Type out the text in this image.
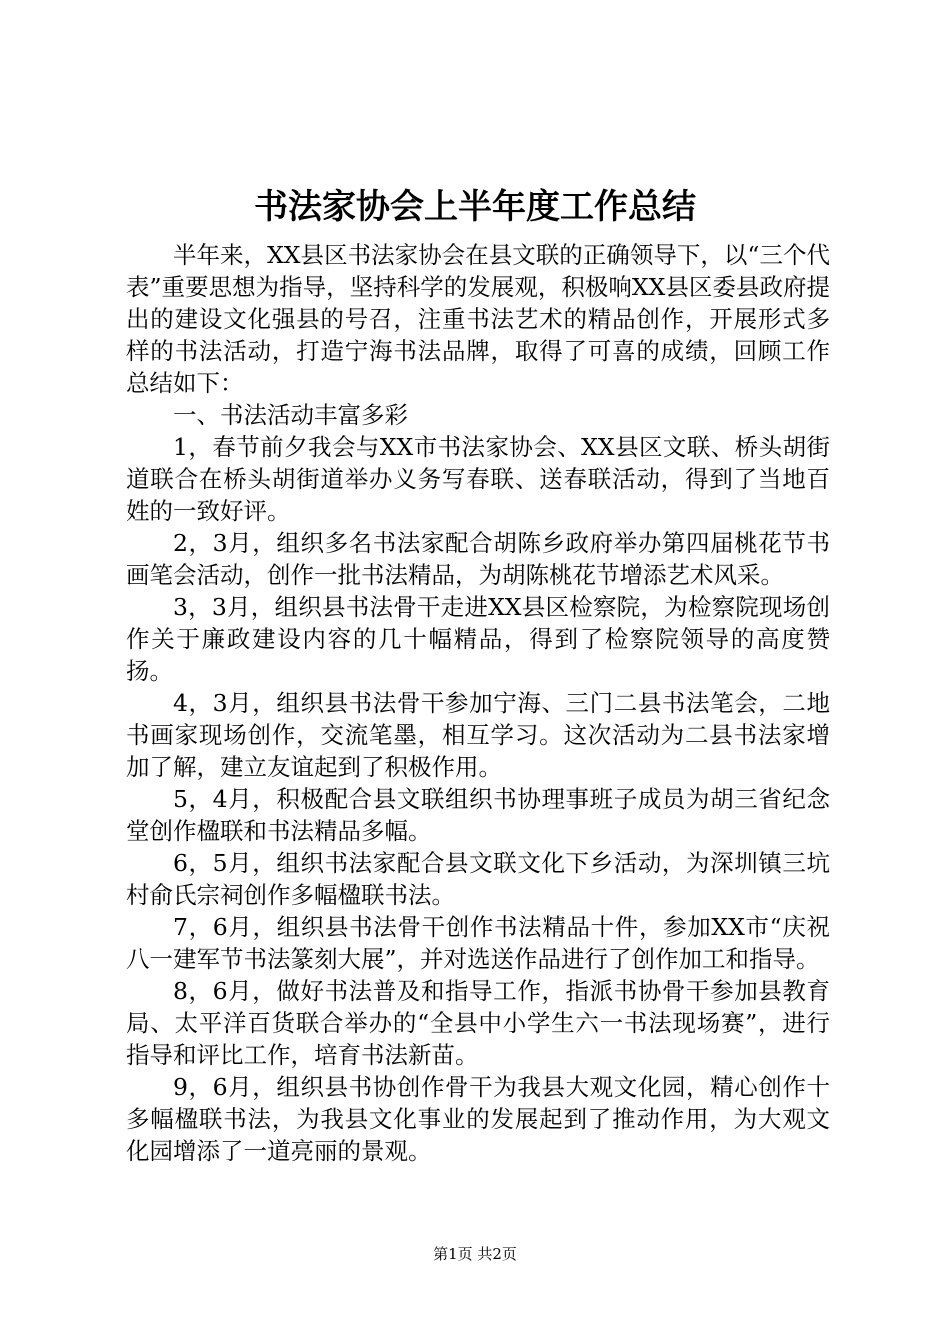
书法家协会上半年度工作总结

半年来，XX县区书法家协会在县文联的正确领导下，以“三个代表”重要思想为指导，坚持科学的发展观，积极响XX县区委县政府提出的建设文化强县的号召，注重书法艺术的精品创作，开展形式多样的书法活动，打造宁海书法品牌，取得了可喜的成绩，回顾工作总结如下：

一、书法活动丰富多彩

1，春节前夕我会与XX市书法家协会、XX县区文联、桥头胡街道联合在桥头胡街道举办义务写春联、送春联活动，得到了当地百姓的一致好评。

2，3月，组织多名书法家配合胡陈乡政府举办第四届桃花节书画笔会活动，创作一批书法精品，为胡陈桃花节增添艺术风采。

3，3月，组织县书法骨干走进XX县区检察院，为检察院现场创作关于廉政建设内容的几十幅精品，得到了检察院领导的高度赞扬。

4，3月，组织县书法骨干参加宁海、三门二县书法笔会，二地书画家现场创作，交流笔墨，相互学习。这次活动为二县书法家增加了解，建立友谊起到了积极作用。

5，4月，积极配合县文联组织书协理事班子成员为胡三省纪念堂创作楹联和书法精品多幅。

6，5月，组织书法家配合县文联文化下乡活动，为深圳镇三坑村俞氏宗祠创作多幅楹联书法。

7，6月，组织县书法骨干创作书法精品十件，参加XX市“庆祝八一建军节书法篆刻大展”，并对选送作品进行了创作加工和指导。

8，6月，做好书法普及和指导工作，指派书协骨干参加县教育局、太平洋百货联合举办的“全县中小学生六一书法现场赛”，进行指导和评比工作，培育书法新苗。

9，6月，组织县书协创作骨干为我县大观文化园，精心创作十多幅楹联书法，为我县文化事业的发展起到了推动作用，为大观文化园增添了一道亮丽的景观。

第1页 共2页
